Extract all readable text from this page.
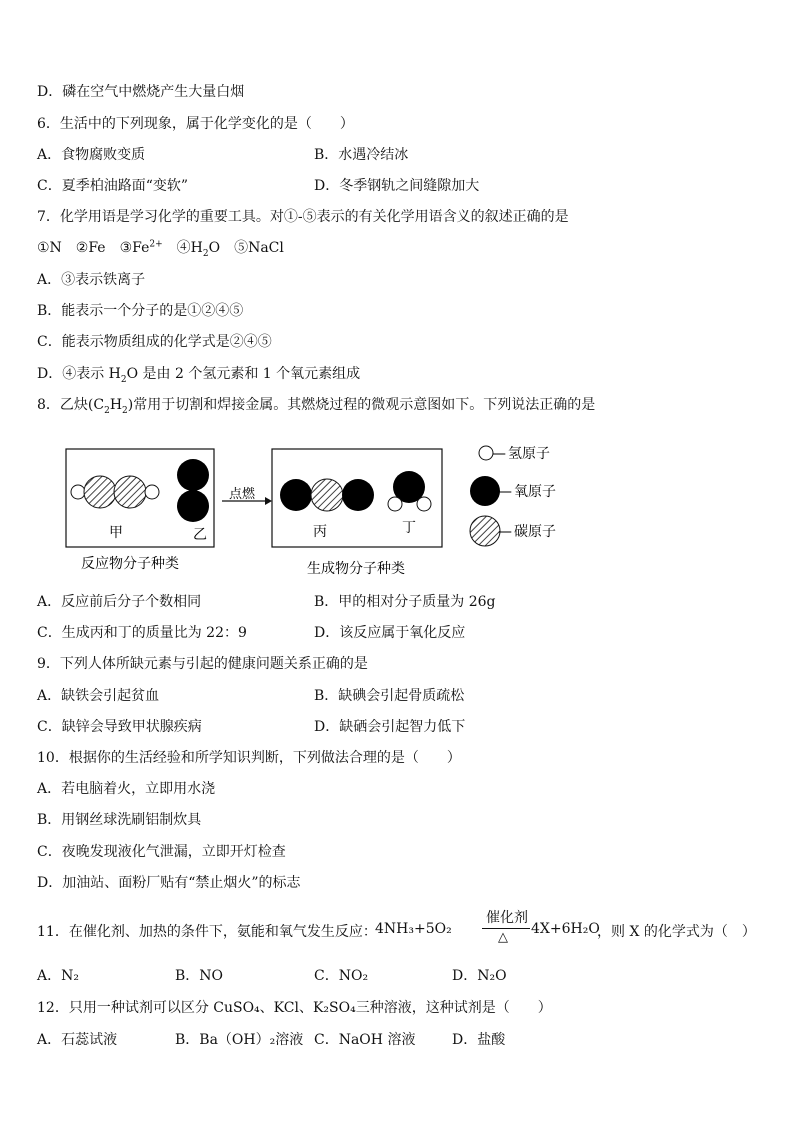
D．磷在空气中燃烧产生大量白烟
6．生活中的下列现象，属于化学变化的是（　　）
A．食物腐败变质	B．水遇冷结冰
C．夏季柏油路面“变软”	D．冬季钢轨之间缝隙加大
7．化学用语是学习化学的重要工具。对①-⑤表示的有关化学用语含义的叙述正确的是
①N　②Fe　$③Fe^{2+}$　$④H_2O$　⑤NaCl
A．③表示铁离子
B．能表示一个分子的是①②④⑤
C．能表示物质组成的化学式是②④⑤
D．④表示 $H_2O$ 是由 2 个氢元素和 1 个氧元素组成
8．乙炔$(C_2H_2)$常用于切割和焊接金属。其燃烧过程的微观示意图如下。下列说法正确的是
甲	乙
反应物分子种类
点燃
丙	丁
生成物分子种类
— 氢原子
— 氧原子
— 碳原子
A．反应前后分子个数相同	B．甲的相对分子质量为 26g
C．生成丙和丁的质量比为 22：9	D．该反应属于氧化反应
9．下列人体所缺元素与引起的健康问题关系正确的是
A．缺铁会引起贫血	B．缺碘会引起骨质疏松
C．缺锌会导致甲状腺疾病	D．缺硒会引起智力低下
10．根据你的生活经验和所学知识判断，下列做法合理的是（　　）
A．若电脑着火，立即用水浇
B．用钢丝球洗刷铝制炊具
C．夜晚发现液化气泄漏，立即开灯检查
D．加油站、面粉厂贴有“禁止烟火”的标志
11．在催化剂、加热的条件下，氨能和氧气发生反应：
4NH₃+5O₂
催化剂
△
4X+6H₂O
，则 X 的化学式为（　）
A．N₂	B．NO	C．NO₂	D．N₂O
12．只用一种试剂可以区分 CuSO₄、KCl、K₂SO₄三种溶液，这种试剂是（　　）
A．石蕊试液	B．Ba（OH）₂溶液 C．NaOH 溶液	D．盐酸
